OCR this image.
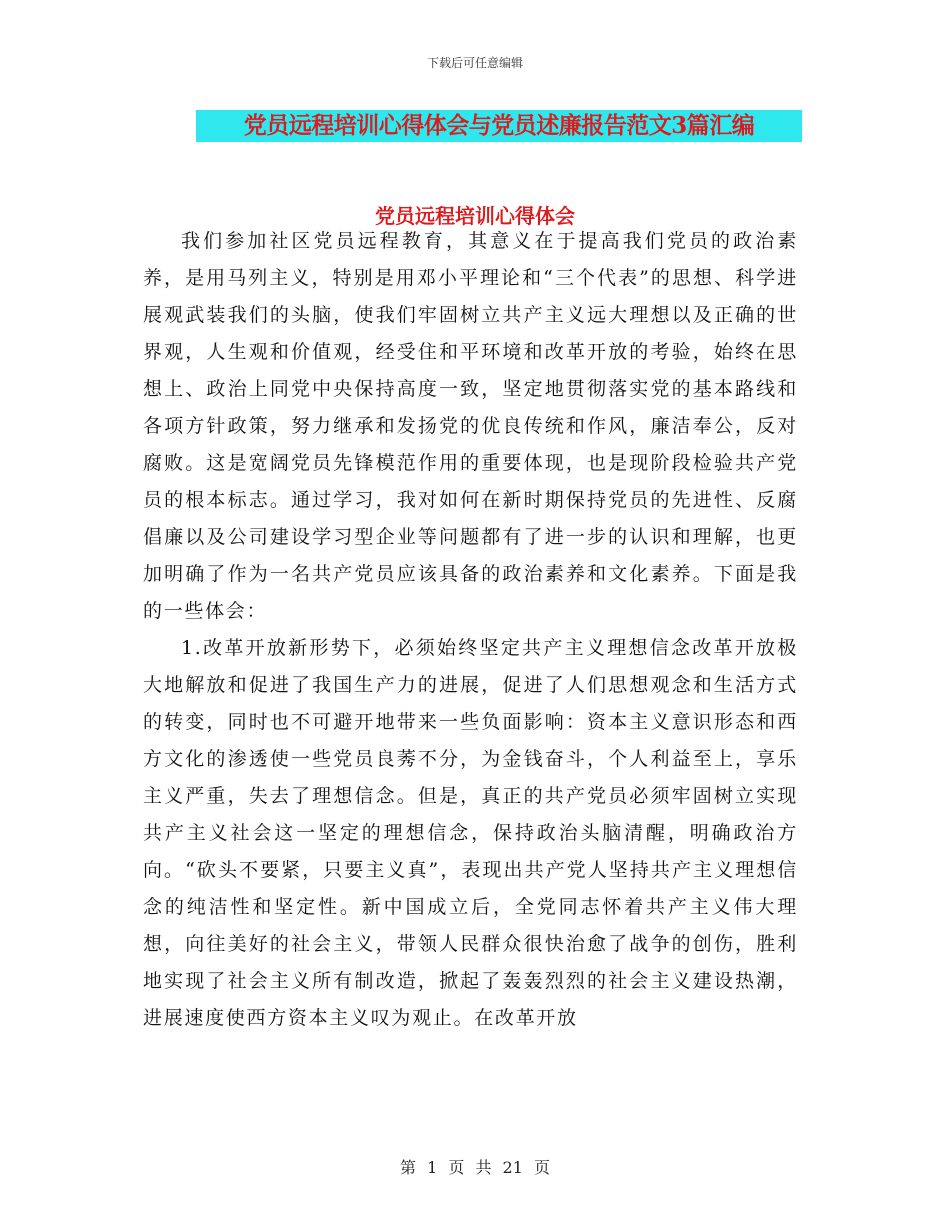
下载后可任意编辑
党员远程培训心得体会与党员述廉报告范文3篇汇编
党员远程培训心得体会

我们参加社区党员远程教育，其意义在于提高我们党员的政治素养，是用马列主义，特别是用邓小平理论和“三个代表”的思想、科学进展观武装我们的头脑，使我们牢固树立共产主义远大理想以及正确的世界观，人生观和价值观，经受住和平环境和改革开放的考验，始终在思想上、政治上同党中央保持高度一致，坚定地贯彻落实党的基本路线和各项方针政策，努力继承和发扬党的优良传统和作风，廉洁奉公，反对腐败。这是宽阔党员先锋模范作用的重要体现，也是现阶段检验共产党员的根本标志。通过学习，我对如何在新时期保持党员的先进性、反腐倡廉以及公司建设学习型企业等问题都有了进一步的认识和理解，也更加明确了作为一名共产党员应该具备的政治素养和文化素养。下面是我的一些体会：

1.改革开放新形势下，必须始终坚定共产主义理想信念改革开放极大地解放和促进了我国生产力的进展，促进了人们思想观念和生活方式的转变，同时也不可避开地带来一些负面影响：资本主义意识形态和西方文化的渗透使一些党员良莠不分，为金钱奋斗，个人利益至上，享乐主义严重，失去了理想信念。但是，真正的共产党员必须牢固树立实现共产主义社会这一坚定的理想信念，保持政治头脑清醒，明确政治方向。“砍头不要紧，只要主义真”，表现出共产党人坚持共产主义理想信念的纯洁性和坚定性。新中国成立后，全党同志怀着共产主义伟大理想，向往美好的社会主义，带领人民群众很快治愈了战争的创伤，胜利地实现了社会主义所有制改造，掀起了轰轰烈烈的社会主义建设热潮，进展速度使西方资本主义叹为观止。在改革开放

第 1 页 共 21 页
